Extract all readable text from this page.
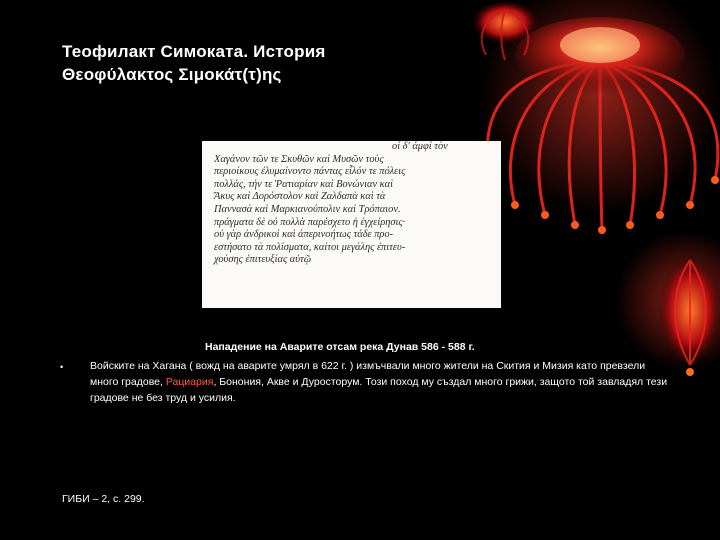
Теофилакт Симоката. История
Θεοφύλακτος Σιμοκάτ(τ)ης
οί δ' άμφί τὸν
Χαγάνον τῶν τε Σκυθῶν καὶ Μυσῶν τοὺς
περιοίκους ἐλυμαίνοντο πάντας εἷλόν τε πόλεις
πολλάς, τήν τε Ῥατιαρίαν καὶ Βονώνιαν καὶ
Ἄκυς καὶ Δορόστολον καὶ Ζαλδαπὰ καὶ τὰ
Παννασὰ καὶ Μαρκιανούπολιν καὶ Τρόπαιον.
πράγματα δὲ οὐ πολλὰ παρέσχετο ἡ ἐγχείρησις·
οὐ γὰρ ἀνδρικοὶ καὶ ἀπερινοήτως τάδε προ-
εστήσατο τὰ πολίσματα, καίτοι μεγάλης ἐπιτευ-
χούσης ἐπιτευξίας αὐτῷ
Нападение на Аварите отсам река Дунав 586 - 588 г.
•	Войските на Хагана ( вожд на аварите умрял в 622 г. ) измъчвали много жители на Скития и Мизия като превзели много градове, Рациария, Бонония, Акве и Дуросторум. Този поход му създал много грижи, защото той завладял тези градове не без труд и усилия.
ГИБИ – 2, с. 299.
